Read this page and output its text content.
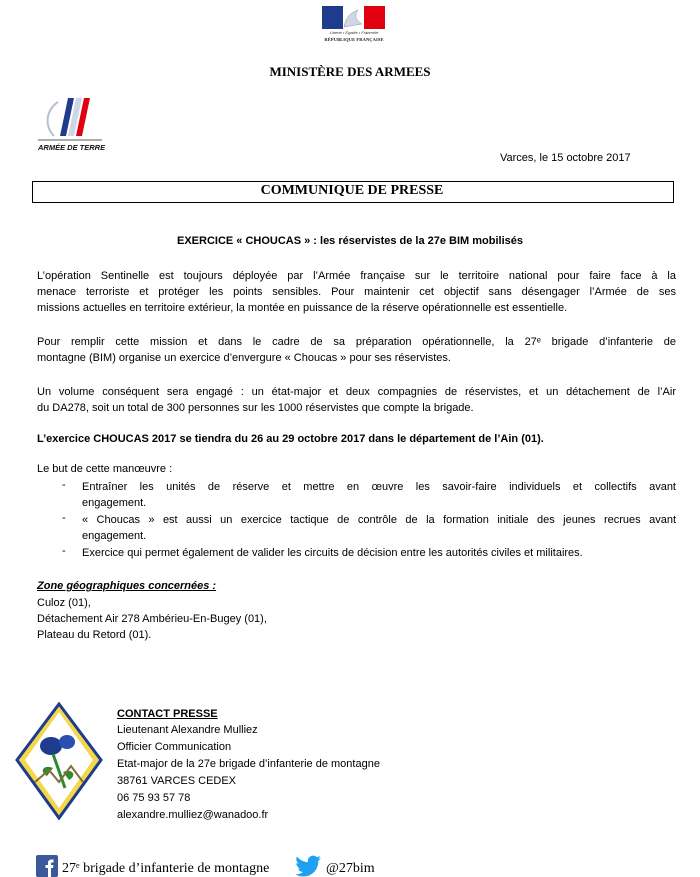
Liberté • Égalité • Fraternité
RÉPUBLIQUE FRANÇAISE
MINISTÈRE DES ARMEES
ARMÉE DE TERRE
Varces, le 15 octobre 2017
COMMUNIQUE DE PRESSE
EXERCICE « CHOUCAS » : les réservistes de la 27e BIM mobilisés
L’opération Sentinelle est toujours déployée par l’Armée française sur le territoire national pour faire face à la
menace terroriste et protéger les points sensibles. Pour maintenir cet objectif sans désengager l’Armée de ses
missions actuelles en territoire extérieur, la montée en puissance de la réserve opérationnelle est essentielle.
Pour remplir cette mission et dans le cadre de sa préparation opérationnelle, la 27ᵉ brigade d’infanterie de
montagne (BIM) organise un exercice d’envergure « Choucas » pour ses réservistes.
Un volume conséquent sera engagé : un état-major et deux compagnies de réservistes, et un détachement de l’Air
du DA278, soit un total de 300 personnes sur les 1000 réservistes que compte la brigade.
L’exercice CHOUCAS 2017 se tiendra du 26 au 29 octobre 2017 dans le département de l’Ain (01).
Le but de cette manœuvre :
- Entraîner les unités de réserve et mettre en œuvre les savoir-faire individuels et collectifs avant
engagement.
- « Choucas » est aussi un exercice tactique de contrôle de la formation initiale des jeunes recrues avant
engagement.
- Exercice qui permet également de valider les circuits de décision entre les autorités civiles et militaires.
Zone géographiques concernées :
Culoz (01),
Détachement Air 278 Ambérieu-En-Bugey (01),
Plateau du Retord (01).
CONTACT PRESSE
Lieutenant Alexandre Mulliez
Officier Communication
Etat-major de la 27e brigade d’infanterie de montagne
38761 VARCES CEDEX
06 75 93 57 78
alexandre.mulliez@wanadoo.fr
27ᵉ brigade d’infanterie de montagne	@27bim
